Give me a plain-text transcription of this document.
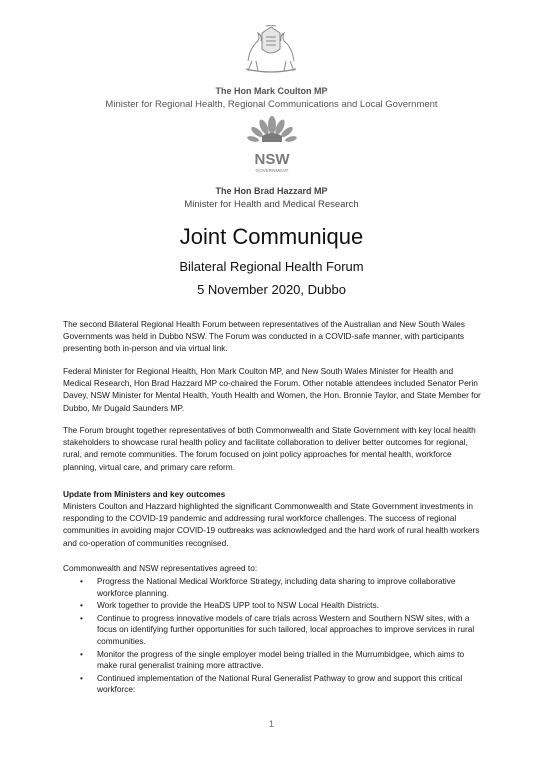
The Hon Mark Coulton MP
Minister for Regional Health, Regional Communications and Local Government
NSW
GOVERNMENT
The Hon Brad Hazzard MP
Minister for Health and Medical Research
Joint Communique
Bilateral Regional Health Forum
5 November 2020, Dubbo
The second Bilateral Regional Health Forum between representatives of the Australian and New South Wales Governments was held in Dubbo NSW. The Forum was conducted in a COVID-safe manner, with participants presenting both in-person and via virtual link.
Federal Minister for Regional Health, Hon Mark Coulton MP, and New South Wales Minister for Health and Medical Research, Hon Brad Hazzard MP co-chaired the Forum. Other notable attendees included Senator Perin Davey, NSW Minister for Mental Health, Youth Health and Women, the Hon. Bronnie Taylor, and State Member for Dubbo, Mr Dugald Saunders MP.
The Forum brought together representatives of both Commonwealth and State Government with key local health stakeholders to showcase rural health policy and facilitate collaboration to deliver better outcomes for regional, rural, and remote communities. The forum focused on joint policy approaches for mental health, workforce planning, virtual care, and primary care reform.
Update from Ministers and key outcomes
Ministers Coulton and Hazzard highlighted the significant Commonwealth and State Government investments in responding to the COVID-19 pandemic and addressing rural workforce challenges. The success of regional communities in avoiding major COVID-19 outbreaks was acknowledged and the hard work of rural health workers and co-operation of communities recognised.
Commonwealth and NSW representatives agreed to:
• Progress the National Medical Workforce Strategy, including data sharing to improve collaborative workforce planning.
• Work together to provide the HeaDS UPP tool to NSW Local Health Districts.
• Continue to progress innovative models of care trials across Western and Southern NSW sites, with a focus on identifying further opportunities for such tailored, local approaches to improve services in rural communities.
• Monitor the progress of the single employer model being trialled in the Murrumbidgee, which aims to make rural generalist training more attractive.
• Continued implementation of the National Rural Generalist Pathway to grow and support this critical workforce:
1
